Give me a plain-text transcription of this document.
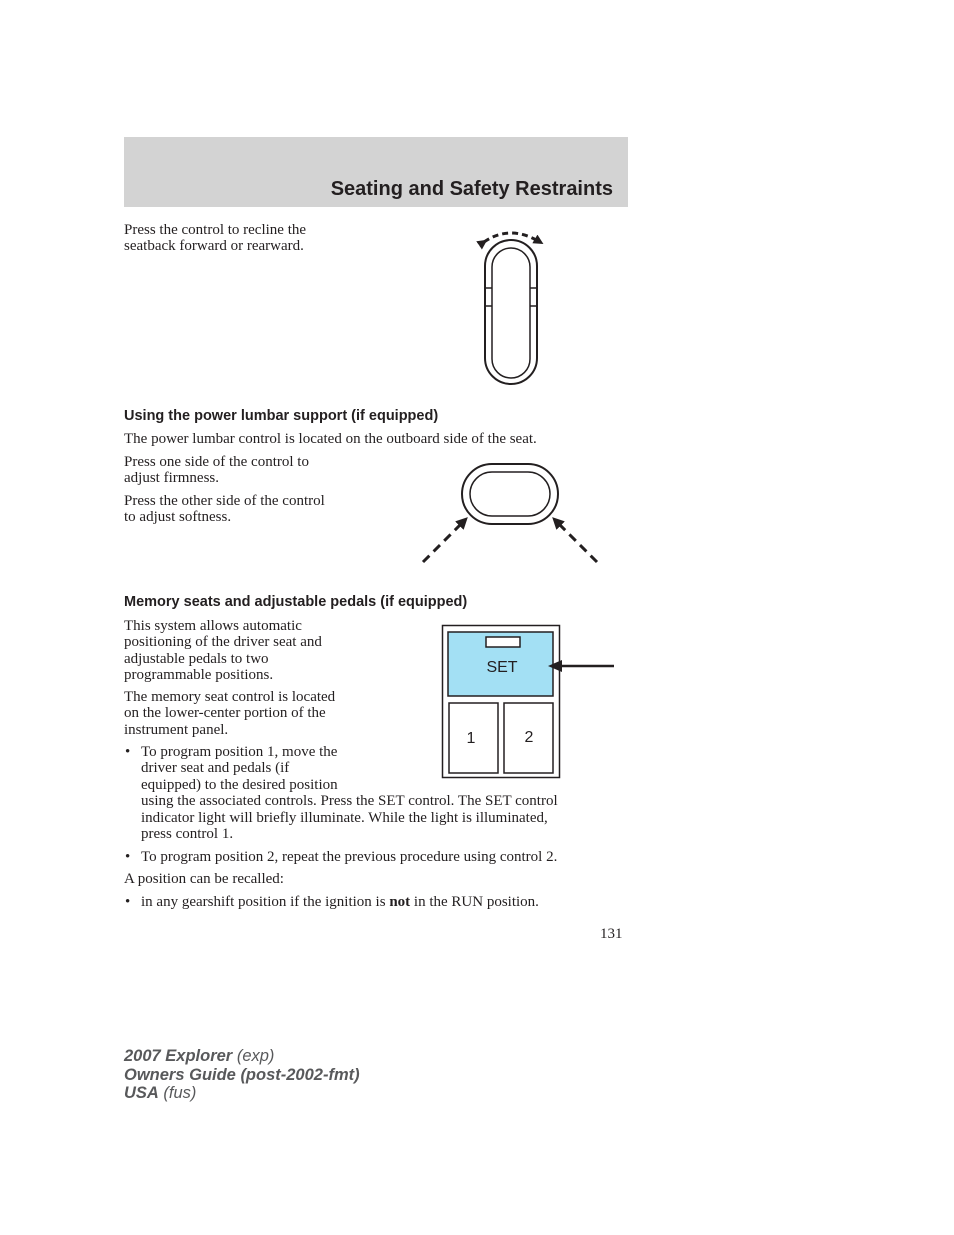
Seating and Safety Restraints

Press the control to recline the
seatback forward or rearward.

Using the power lumbar support (if equipped)

The power lumbar control is located on the outboard side of the seat.

Press one side of the control to
adjust firmness.

Press the other side of the control
to adjust softness.

Memory seats and adjustable pedals (if equipped)

This system allows automatic
positioning of the driver seat and
adjustable pedals to two
programmable positions.

The memory seat control is located
on the lower-center portion of the
instrument panel.

• To program position 1, move the
driver seat and pedals (if
equipped) to the desired position
using the associated controls. Press the SET control. The SET control
indicator light will briefly illuminate. While the light is illuminated,
press control 1.

• To program position 2, repeat the previous procedure using control 2.

A position can be recalled:

• in any gearshift position if the ignition is not in the RUN position.

SET
1	2
131
2007 Explorer (exp)
Owners Guide (post-2002-fmt)
USA (fus)
